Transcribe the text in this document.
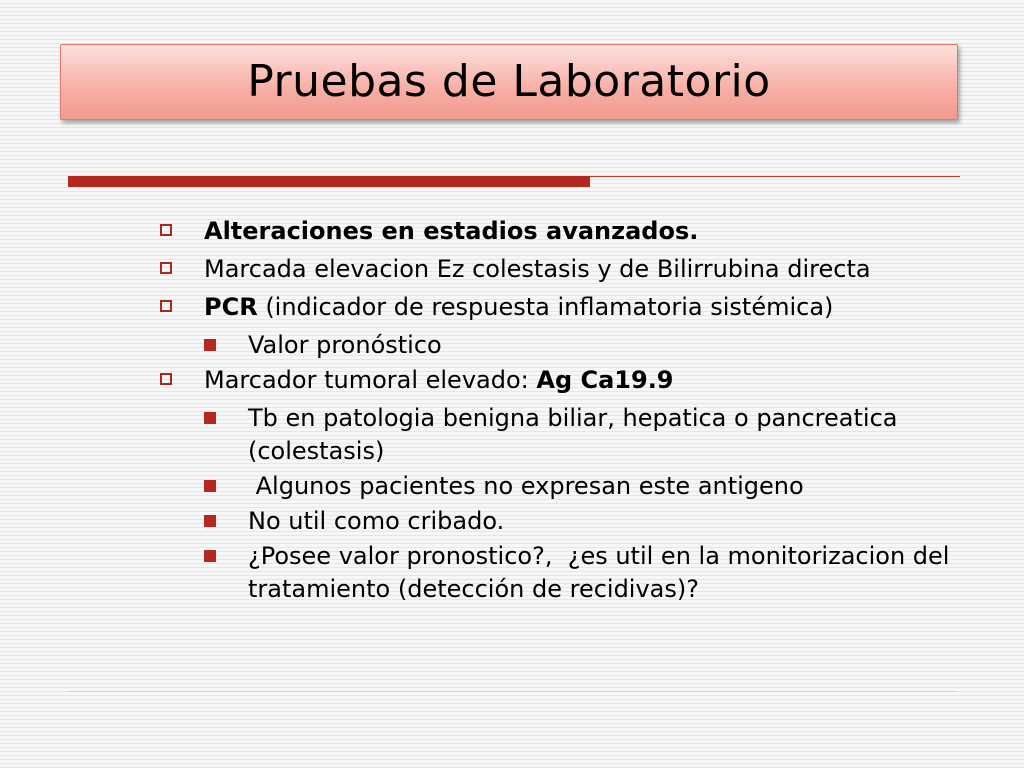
Pruebas de Laboratorio
Alteraciones en estadios avanzados.
Marcada elevacion Ez colestasis y de Bilirrubina directa
PCR (indicador de respuesta inflamatoria sistémica)
Valor pronóstico
Marcador tumoral elevado: Ag Ca19.9
Tb en patologia benigna biliar, hepatica o pancreatica (colestasis)
Algunos pacientes no expresan este antigeno
No util como cribado.
¿Posee valor pronostico?,  ¿es util en la monitorizacion del tratamiento (detección de recidivas)?
